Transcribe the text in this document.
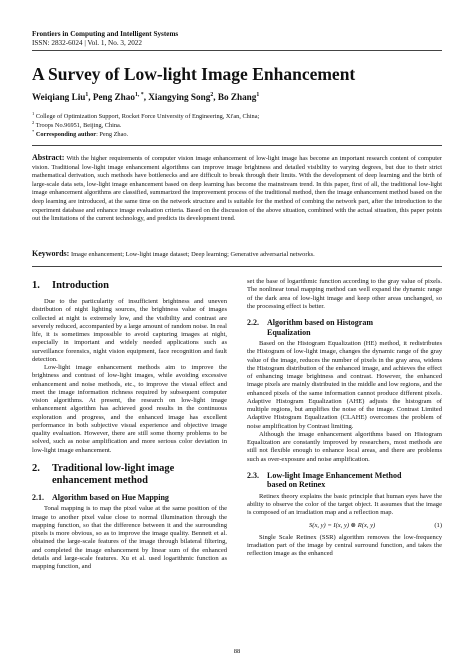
Frontiers in Computing and Intelligent Systems
ISSN: 2832-6024 | Vol. 1, No. 3, 2022
A Survey of Low-light Image Enhancement
Weiqiang Liu$^1$, Peng Zhao$^{1, *}$, Xiangying Song$^2$, Bo Zhang$^1$
$^1$ College of Optimization Support, Rocket Force University of Engineering, Xi'an, China;
$^2$ Troops No.96951, Beijing, China.
* Corresponding author: Peng Zhao.
Abstract: With the higher requirements of computer vision image enhancement of low-light image has become an important research content of computer vision. Traditional low-light image enhancement algorithms can improve image brightness and detailed visibility to varying degrees, but due to their strict mathematical derivation, such methods have bottlenecks and are difficult to break through their limits. With the development of deep learning and the birth of large-scale data sets, low-light image enhancement based on deep learning has become the mainstream trend. In this paper, first of all, the traditional low-light image enhancement algorithms are classified, summarized the improvement process of the traditional method, then the image enhancement method based on the deep learning are introduced, at the same time on the network structure and is suitable for the method of combing the network part, after the introduction to the experiment database and enhance image evaluation criteria. Based on the discussion of the above situation, combined with the actual situation, this paper points out the limitations of the current technology, and predicts its development trend.
Keywords: Image enhancement; Low-light image dataset; Deep learning; Generative adversarial networks.
1. Introduction

Due to the particularity of insufficient brightness and uneven distribution of night lighting sources, the brightness value of images collected at night is extremely low, and the visibility and contrast are severely reduced, accompanied by a large amount of random noise. In real life, it is sometimes impossible to avoid capturing images at night, especially in important and widely needed applications such as surveillance forensics, night vision equipment, face recognition and fault detection.

Low-light image enhancement methods aim to improve the brightness and contrast of low-light images, while avoiding excessive enhancement and noise methods, etc., to improve the visual effect and meet the image information richness required by subsequent computer vision algorithms. At present, the research on low-light image enhancement algorithm has achieved good results in the continuous exploration and progress, and the enhanced image has excellent performance in both subjective visual experience and objective image quality evaluation. However, there are still some thorny problems to be solved, such as noise amplification and more serious color deviation in low-light image enhancement.

2. Traditional low-light image
enhancement method
2.1. Algorithm based on Hue Mapping

Tonal mapping is to map the pixel value at the same position of the image to another pixel value close to normal illumination through the mapping function, so that the difference between it and the surrounding pixels is more obvious, so as to improve the image quality. Bennett et al. obtained the large-scale features of the image through bilateral filtering, and completed the image enhancement by linear sum of the enhanced details and large-scale features. Xu et al. used logarithmic function as mapping function, and

set the base of logarithmic function according to the gray value of pixels. The nonlinear tonal mapping method can well expand the dynamic range of the dark area of low-light image and keep other areas unchanged, so the processing effect is better.

2.2. Algorithm based on Histogram
Equalization

Based on the Histogram Equalization (HE) method, it redistributes the Histogram of low-light image, changes the dynamic range of the gray value of the image, reduces the number of pixels in the gray area, widens the Histogram distribution of the enhanced image, and achieves the effect of enhancing image brightness and contrast. However, the enhanced image pixels are mainly distributed in the middle and low regions, and the enhanced pixels of the same information cannot produce different pixels. Adaptive Histogram Equalization (AHE) adjusts the histogram of multiple regions, but amplifies the noise of the image. Contrast Limited Adaptive Histogram Equalization (CLAHE) overcomes the problem of noise amplification by Contrast limiting.

Although the image enhancement algorithms based on Histogram Equalization are constantly improved by researchers, most methods are still not flexible enough to enhance local areas, and there are problems such as over-exposure and noise amplification.

2.3. Low-light Image Enhancement Method
based on Retinex

Retinex theory explains the basic principle that human eyes have the ability to observe the color of the target object. It assumes that the image is composed of an irradiation map and a reflection map.

S(x, y) = I(x, y) ⊗ R(x, y)	(1)

Single Scale Retinex (SSR) algorithm removes the low-frequency irradiation part of the image by central surround function, and takes the reflection image as the enhanced

88
